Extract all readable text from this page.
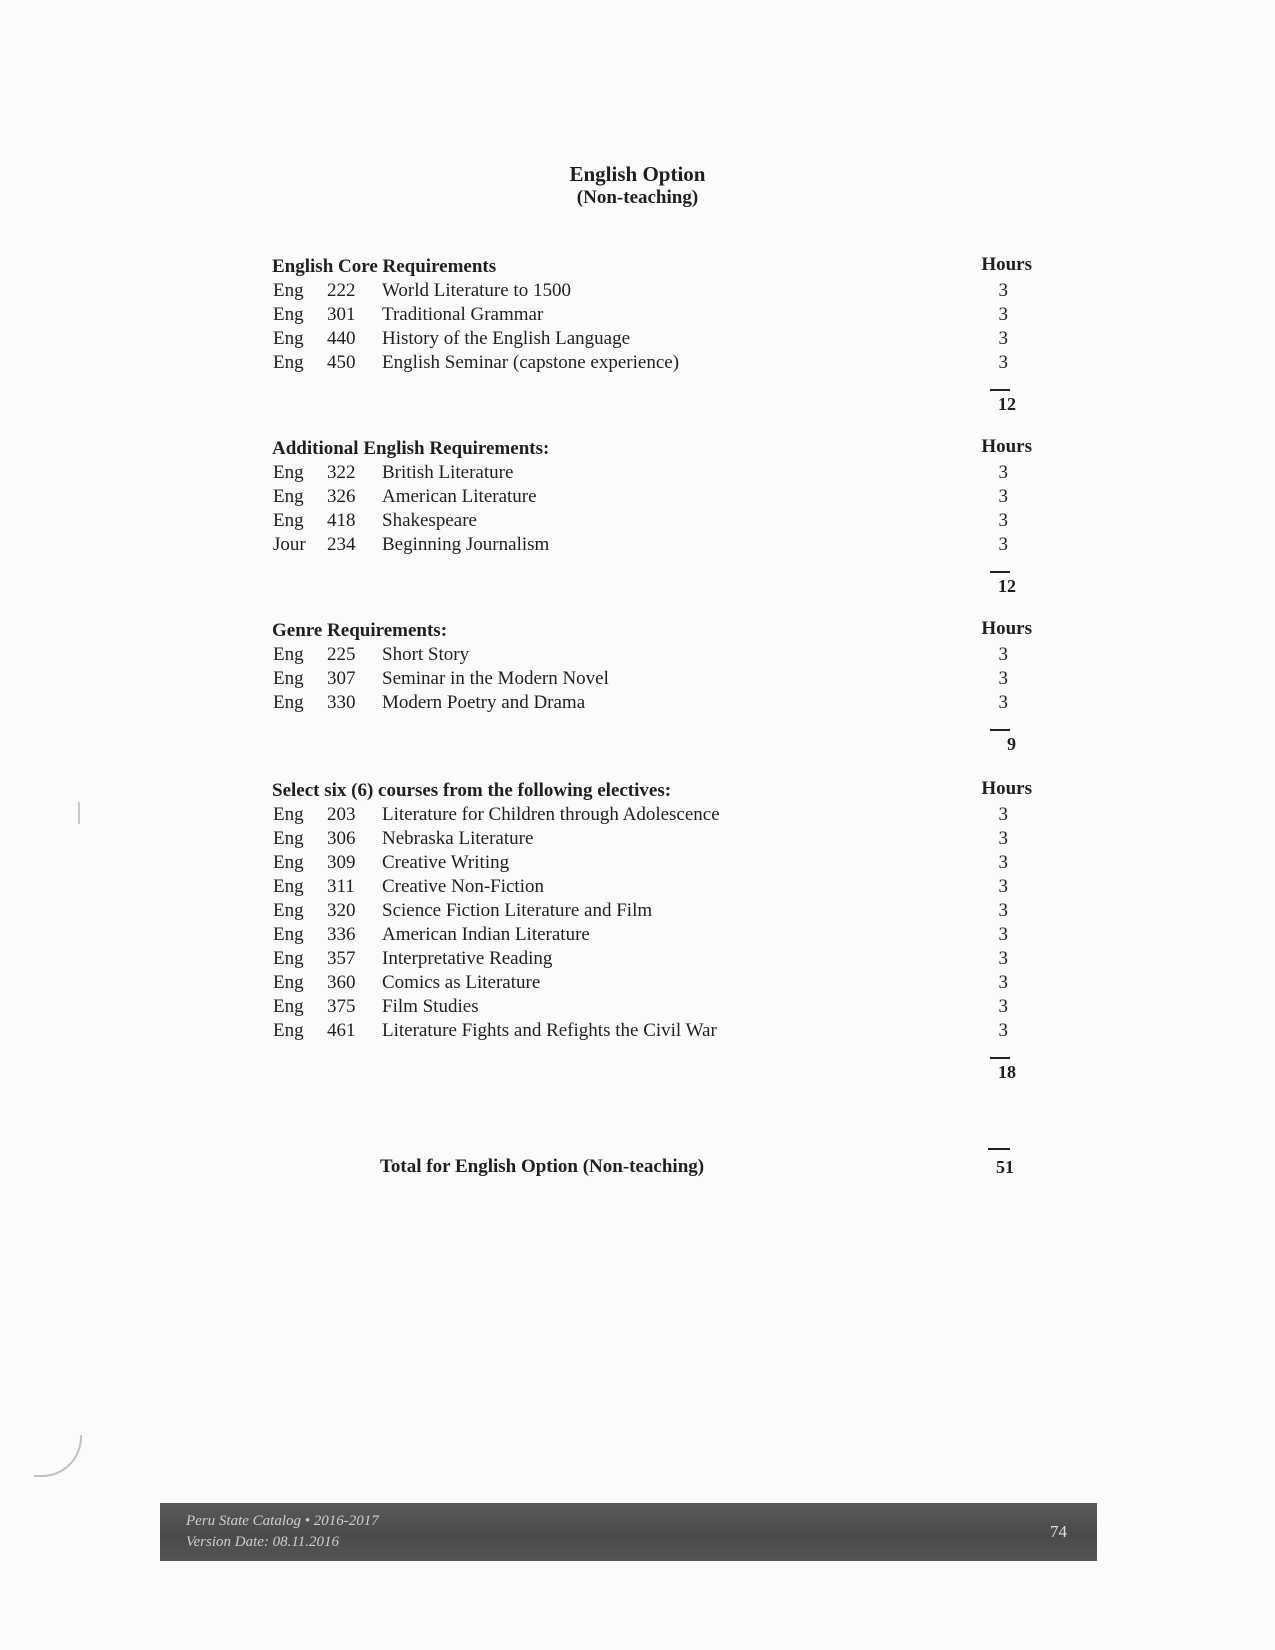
English Option
(Non-teaching)
English Core Requirements	Hours
Eng 222 World Literature to 1500	3
Eng 301 Traditional Grammar	3
Eng 440 History of the English Language	3
Eng 450 English Seminar (capstone experience)	3
12
Additional English Requirements:	Hours
Eng 322 British Literature	3
Eng 326 American Literature	3
Eng 418 Shakespeare	3
Jour 234 Beginning Journalism	3
12
Genre Requirements:	Hours
Eng 225 Short Story	3
Eng 307 Seminar in the Modern Novel	3
Eng 330 Modern Poetry and Drama	3
9
Select six (6) courses from the following electives:	Hours
Eng 203 Literature for Children through Adolescence	3
Eng 306 Nebraska Literature	3
Eng 309 Creative Writing	3
Eng 311 Creative Non-Fiction	3
Eng 320 Science Fiction Literature and Film	3
Eng 336 American Indian Literature	3
Eng 357 Interpretative Reading	3
Eng 360 Comics as Literature	3
Eng 375 Film Studies	3
Eng 461 Literature Fights and Refights the Civil War	3
18
Total for English Option (Non-teaching)	51
Peru State Catalog • 2016-2017
Version Date: 08.11.2016
74
